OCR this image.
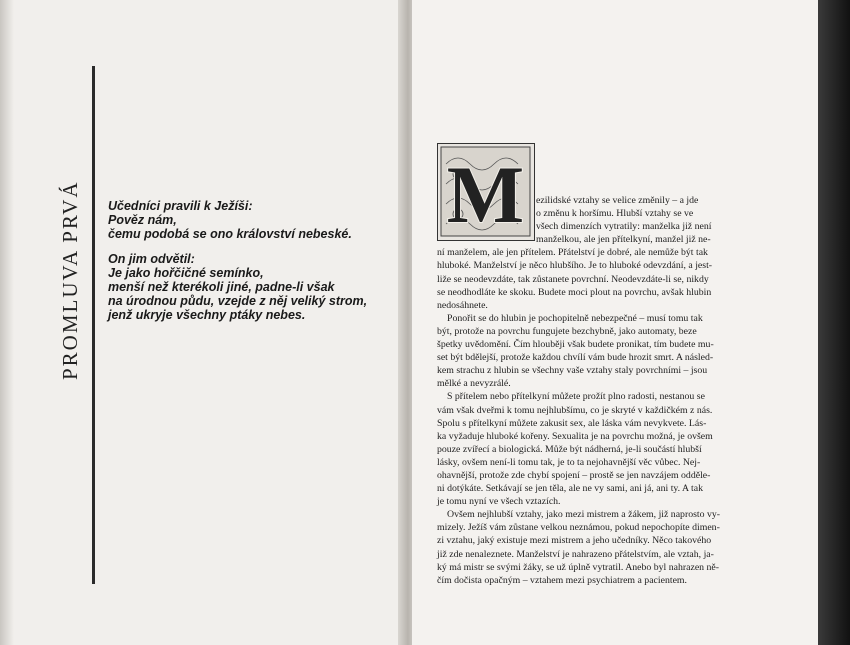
PROMLUVA PRVÁ Učedníci pravili k Ježíši:
Pověz nám,
čemu podobá se ono království nebeské.
On jim odvětil:
Je jako hořčičné semínko,
menší než kterékoli jiné, padne-li však
na úrodnou půdu, vzejde z něj veliký strom,
jenž ukryje všechny ptáky nebes.
M	ezilidské vztahy se velice změnily – a jde
o změnu k horšímu. Hlubší vztahy se ve
všech dimenzích vytratily: manželka již není
manželkou, ale jen přítelkyní, manžel již ne-
ní manželem, ale jen přítelem. Přátelství je dobré, ale nemůže být tak
hluboké. Manželství je něco hlubšího. Je to hluboké odevzdání, a jest-
liže se neodevzdáte, tak zůstanete povrchní. Neodevzdáte-li se, nikdy
se neodhodláte ke skoku. Budete moci plout na povrchu, avšak hlubin
nedosáhnete.
Ponořit se do hlubin je pochopitelně nebezpečné – musí tomu tak
být, protože na povrchu fungujete bezchybně, jako automaty, beze
špetky uvědomění. Čím hlouběji však budete pronikat, tím budete mu-
set být bdělejší, protože každou chvílí vám bude hrozit smrt. A násled-
kem strachu z hlubin se všechny vaše vztahy staly povrchními – jsou
mělké a nevyzrálé.
S přítelem nebo přítelkyní můžete prožít plno radosti, nestanou se
vám však dveřmi k tomu nejhlubšímu, co je skryté v každičkém z nás.
Spolu s přítelkyní můžete zakusit sex, ale láska vám nevykvete. Lás-
ka vyžaduje hluboké kořeny. Sexualita je na povrchu možná, je ovšem
pouze zvířecí a biologická. Může být nádherná, je-li součástí hlubší
lásky, ovšem není-li tomu tak, je to ta nejohavnější věc vůbec. Nej-
ohavnější, protože zde chybí spojení – prostě se jen navzájem odděle-
ni dotýkáte. Setkávají se jen těla, ale ne vy sami, ani já, ani ty. A tak
je tomu nyní ve všech vztazích.
Ovšem nejhlubší vztahy, jako mezi mistrem a žákem, již naprosto vy-
mizely. Ježíš vám zůstane velkou neznámou, pokud nepochopíte dimen-
zi vztahu, jaký existuje mezi mistrem a jeho učedníky. Něco takového
již zde nenaleznete. Manželství je nahrazeno přátelstvím, ale vztah, ja-
ký má mistr se svými žáky, se už úplně vytratil. Anebo byl nahrazen ně-
čím dočista opačným – vztahem mezi psychiatrem a pacientem.
